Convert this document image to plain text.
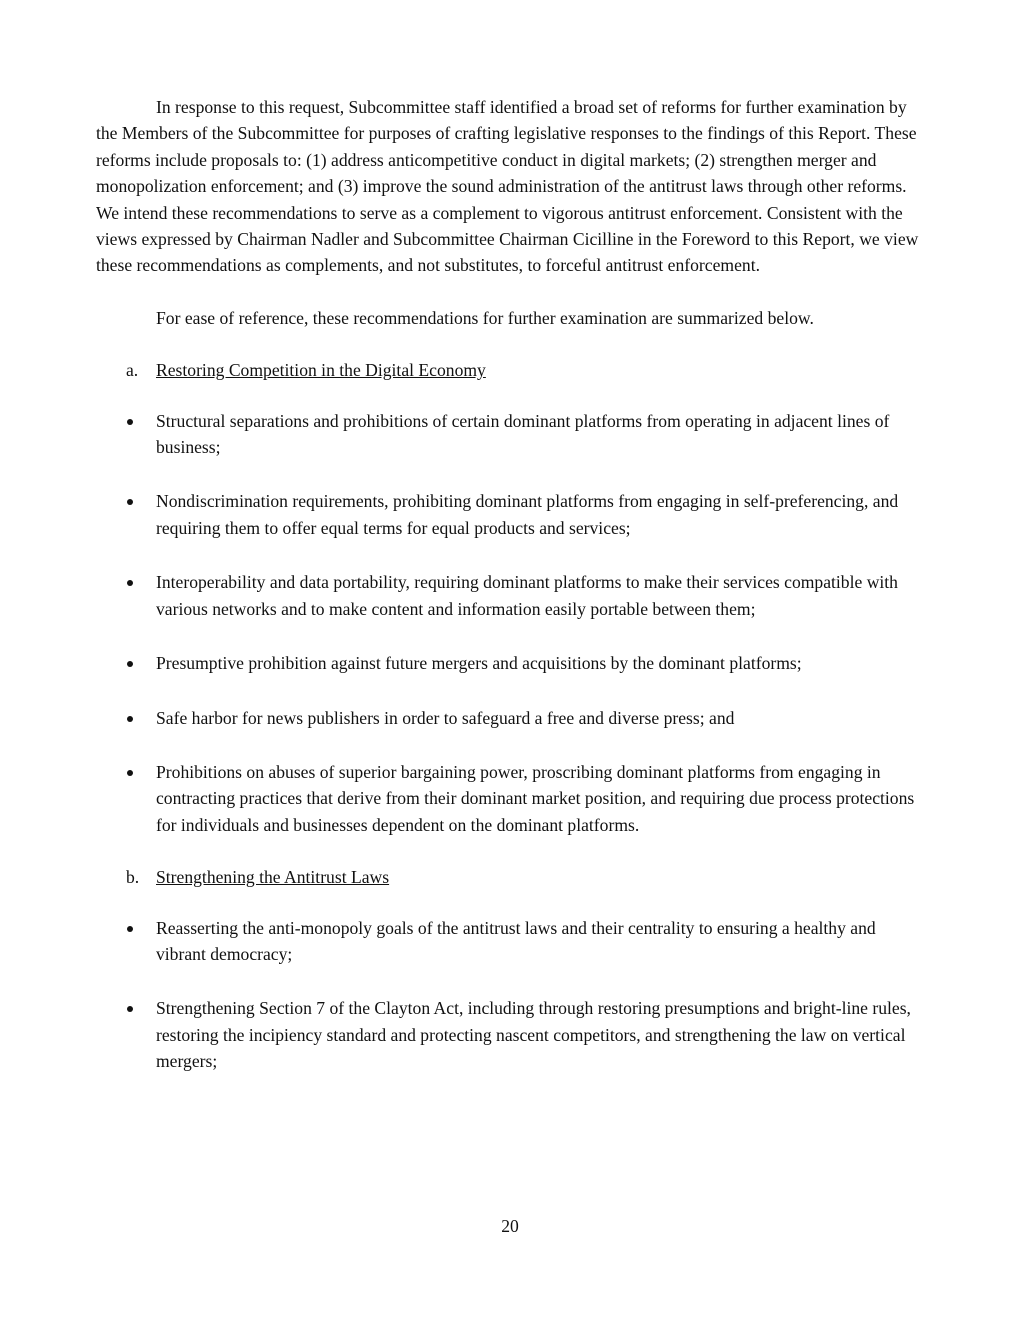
In response to this request, Subcommittee staff identified a broad set of reforms for further examination by the Members of the Subcommittee for purposes of crafting legislative responses to the findings of this Report. These reforms include proposals to: (1) address anticompetitive conduct in digital markets; (2) strengthen merger and monopolization enforcement; and (3) improve the sound administration of the antitrust laws through other reforms. We intend these recommendations to serve as a complement to vigorous antitrust enforcement. Consistent with the views expressed by Chairman Nadler and Subcommittee Chairman Cicilline in the Foreword to this Report, we view these recommendations as complements, and not substitutes, to forceful antitrust enforcement.

For ease of reference, these recommendations for further examination are summarized below.

a. Restoring Competition in the Digital Economy
Structural separations and prohibitions of certain dominant platforms from operating in adjacent lines of business;
Nondiscrimination requirements, prohibiting dominant platforms from engaging in self-preferencing, and requiring them to offer equal terms for equal products and services;
Interoperability and data portability, requiring dominant platforms to make their services compatible with various networks and to make content and information easily portable between them;
Presumptive prohibition against future mergers and acquisitions by the dominant platforms;
Safe harbor for news publishers in order to safeguard a free and diverse press; and
Prohibitions on abuses of superior bargaining power, proscribing dominant platforms from engaging in contracting practices that derive from their dominant market position, and requiring due process protections for individuals and businesses dependent on the dominant platforms.
b. Strengthening the Antitrust Laws
Reasserting the anti-monopoly goals of the antitrust laws and their centrality to ensuring a healthy and vibrant democracy;
Strengthening Section 7 of the Clayton Act, including through restoring presumptions and bright-line rules, restoring the incipiency standard and protecting nascent competitors, and strengthening the law on vertical mergers;
20
